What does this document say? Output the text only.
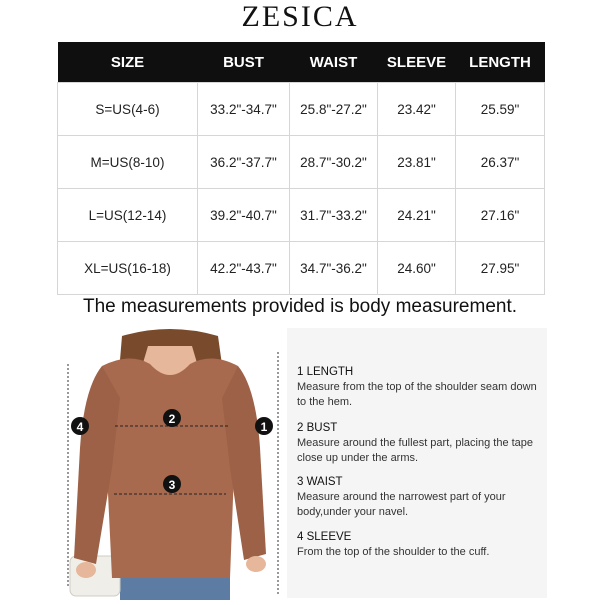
ZESICA
SIZE	BUST	WAIST	SLEEVE	LENGTH
S=US(4-6)	33.2"-34.7"	25.8"-27.2"	23.42"	25.59"
M=US(8-10)	36.2"-37.7"	28.7"-30.2"	23.81"	26.37"
L=US(12-14)	39.2"-40.7"	31.7"-33.2"	24.21"	27.16"
XL=US(16-18)	42.2"-43.7"	34.7"-36.2"	24.60"	27.95"
The measurements provided is body measurement.
2
3
1
4
1 LENGTH
Measure from the top of the shoulder seam down to the hem.
2 BUST
Measure around the fullest part, placing the tape close up under the arms.
3 WAIST
Measure around the narrowest part of your body,under your navel.
4 SLEEVE
From the top of the shoulder to the cuff.
